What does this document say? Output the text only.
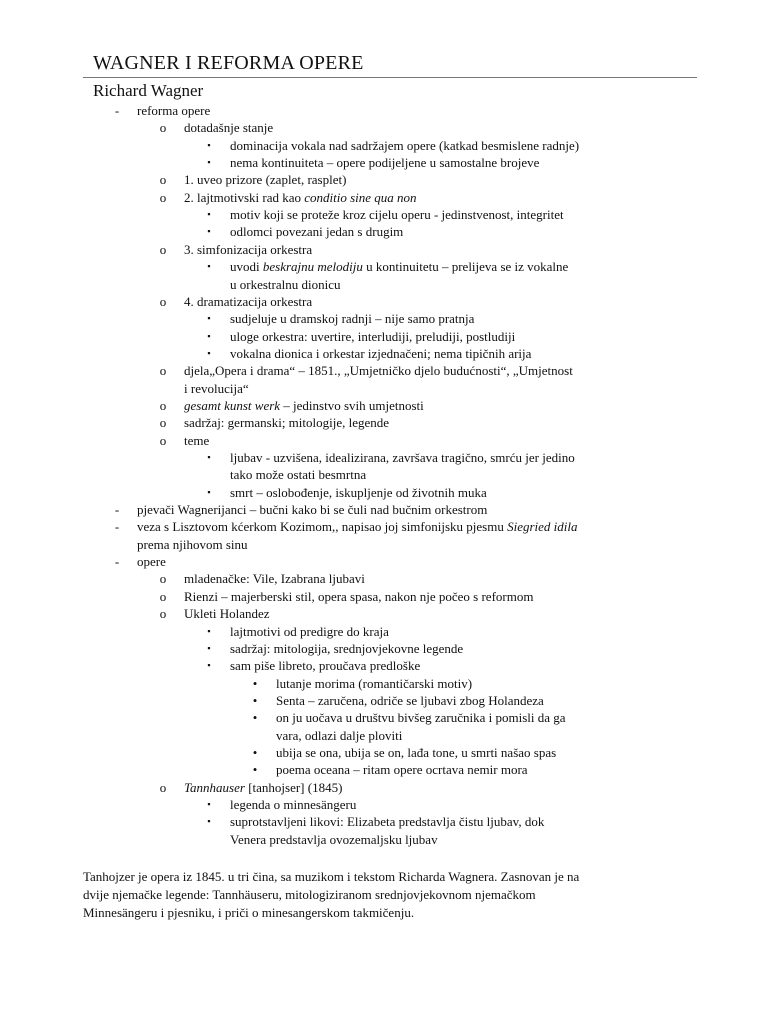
WAGNER I REFORMA OPERE
Richard Wagner
- reforma opere
o dotadašnje stanje
▪	dominacija vokala nad sadržajem opere (katkad besmislene radnje)
▪	nema kontinuiteta – opere podijeljene u samostalne brojeve
o 1. uveo prizore (zaplet, rasplet)
o 2. lajtmotivski rad kao conditio sine qua non
▪	motiv koji se proteže kroz cijelu operu - jedinstvenost, integritet
▪	odlomci povezani jedan s drugim
o 3. simfonizacija orkestra
▪	uvodi beskrajnu melodiju u kontinuitetu – prelijeva se iz vokalne
u orkestralnu dionicu
o 4. dramatizacija orkestra
▪	sudjeluje u dramskoj radnji – nije samo pratnja
▪	uloge orkestra: uvertire, interludiji, preludiji, postludiji
▪	vokalna dionica i orkestar izjednačeni; nema tipičnih arija
o djela„Opera i drama“ – 1851., „Umjetničko djelo budućnosti“, „Umjetnost
i revolucija“
o gesamt kunst werk – jedinstvo svih umjetnosti
o sadržaj: germanski; mitologije, legende
o teme
▪	ljubav - uzvišena, idealizirana, završava tragično, smrću jer jedino
tako može ostati besmrtna
▪	smrt – oslobođenje, iskupljenje od životnih muka
- pjevači Wagnerijanci – bučni kako bi se čuli nad bučnim orkestrom
- veza s Lisztovom kćerkom Kozimom,, napisao joj simfonijsku pjesmu Siegried idila
prema njihovom sinu
- opere
o mladenačke: Vile, Izabrana ljubavi
o Rienzi – majerberski stil, opera spasa, nakon nje počeo s reformom
o Ukleti Holandez
▪	lajtmotivi od predigre do kraja
▪	sadržaj: mitologija, srednjovjekovne legende
▪	sam piše libreto, proučava predloške
• lutanje morima (romantičarski motiv)
• Senta – zaručena, odriče se ljubavi zbog Holandeza
• on ju uočava u društvu bivšeg zaručnika i pomisli da ga
vara, odlazi dalje ploviti
• ubija se ona, ubija se on, lađa tone, u smrti našao spas
• poema oceana – ritam opere ocrtava nemir mora
o Tannhauser [tanhojser] (1845)
▪	legenda o minnesängeru
▪	suprotstavljeni likovi: Elizabeta predstavlja čistu ljubav, dok
Venera predstavlja ovozemaljsku ljubav
Tanhojzer je opera iz 1845. u tri čina, sa muzikom i tekstom Richarda Wagnera. Zasnovan je na
dvije njemačke legende: Tannhäuseru, mitologiziranom srednjovjekovnom njemačkom
Minnesängeru i pjesniku, i priči o minesangerskom takmičenju.
